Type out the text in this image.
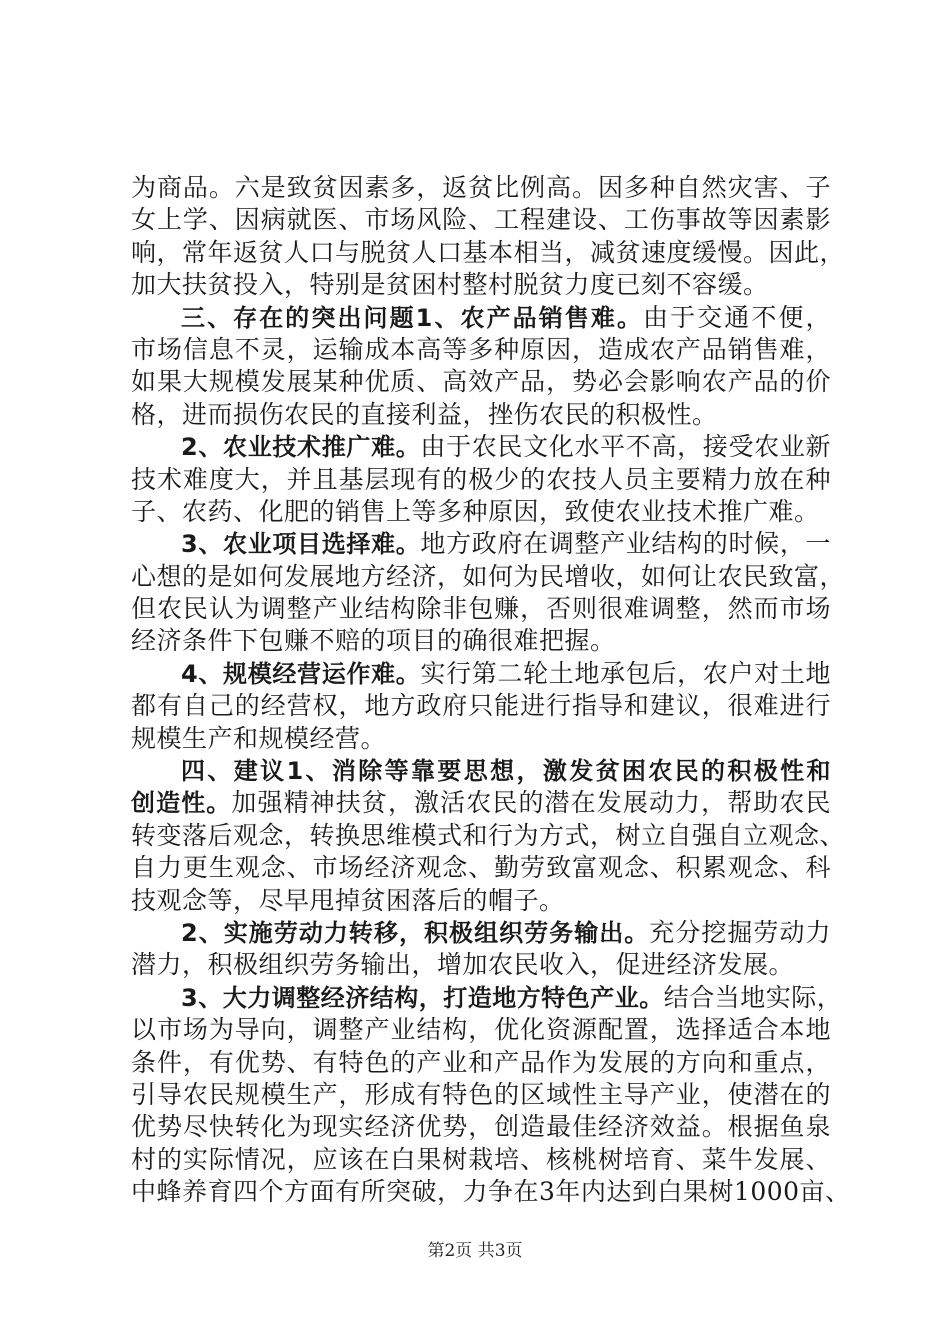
为商品。六是致贫因素多，返贫比例高。因多种自然灾害、子
女上学、因病就医、市场风险、工程建设、工伤事故等因素影
响，常年返贫人口与脱贫人口基本相当，减贫速度缓慢。因此，
加大扶贫投入，特别是贫困村整村脱贫力度已刻不容缓。
三、存在的突出问题1、农产品销售难。由于交通不便，
市场信息不灵，运输成本高等多种原因，造成农产品销售难，
如果大规模发展某种优质、高效产品，势必会影响农产品的价
格，进而损伤农民的直接利益，挫伤农民的积极性。
2、农业技术推广难。由于农民文化水平不高，接受农业新
技术难度大，并且基层现有的极少的农技人员主要精力放在种
子、农药、化肥的销售上等多种原因，致使农业技术推广难。
3、农业项目选择难。地方政府在调整产业结构的时候，一
心想的是如何发展地方经济，如何为民增收，如何让农民致富，
但农民认为调整产业结构除非包赚，否则很难调整，然而市场
经济条件下包赚不赔的项目的确很难把握。
4、规模经营运作难。实行第二轮土地承包后，农户对土地
都有自己的经营权，地方政府只能进行指导和建议，很难进行
规模生产和规模经营。
四、建议1、消除等靠要思想，激发贫困农民的积极性和
创造性。加强精神扶贫，激活农民的潜在发展动力，帮助农民
转变落后观念，转换思维模式和行为方式，树立自强自立观念、
自力更生观念、市场经济观念、勤劳致富观念、积累观念、科
技观念等，尽早甩掉贫困落后的帽子。
2、实施劳动力转移，积极组织劳务输出。充分挖掘劳动力
潜力，积极组织劳务输出，增加农民收入，促进经济发展。
3、大力调整经济结构，打造地方特色产业。结合当地实际，
以市场为导向，调整产业结构，优化资源配置，选择适合本地
条件，有优势、有特色的产业和产品作为发展的方向和重点，
引导农民规模生产，形成有特色的区域性主导产业，使潜在的
优势尽快转化为现实经济优势，创造最佳经济效益。根据鱼泉
村的实际情况，应该在白果树栽培、核桃树培育、菜牛发展、
中蜂养育四个方面有所突破，力争在3年内达到白果树1000亩、
第2页 共3页
